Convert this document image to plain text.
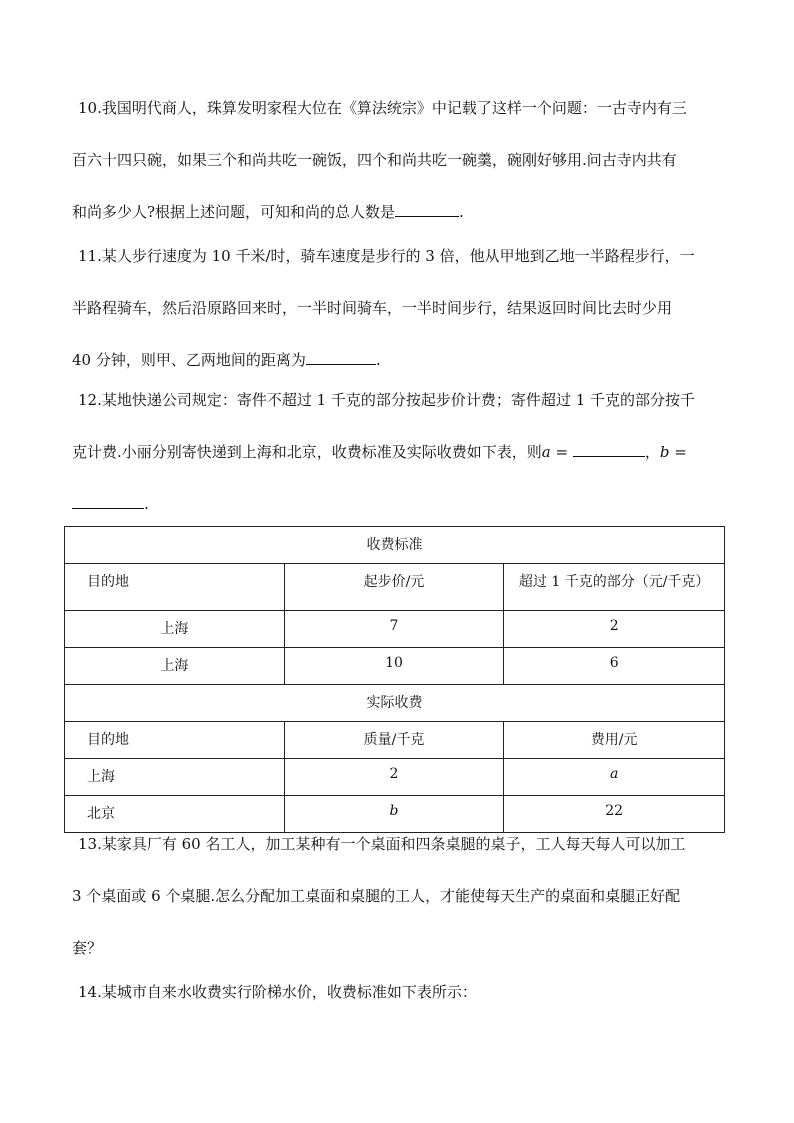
10.我国明代商人，珠算发明家程大位在《算法统宗》中记载了这样一个问题：一古寺内有三
百六十四只碗，如果三个和尚共吃一碗饭，四个和尚共吃一碗羹，碗刚好够用.问古寺内共有
和尚多少人?根据上述问题，可知和尚的总人数是	.
11.某人步行速度为 10 千米/时，骑车速度是步行的 3 倍，他从甲地到乙地一半路程步行，一
半路程骑车，然后沿原路回来时，一半时间骑车，一半时间步行，结果返回时间比去时少用
40 分钟，则甲、乙两地间的距离为	.
12.某地快递公司规定：寄件不超过 1 千克的部分按起步价计费；寄件超过 1 千克的部分按千
克计费.小丽分别寄快递到上海和北京，收费标准及实际收费如下表，则a =	，b =
.
收费标准		
目的地	起步价/元	超过 1 千克的部分（元/千克）
上海	7	2
上海	10	6
实际收费		
目的地	质量/千克	费用/元
上海	2	a
北京	b	22
13.某家具厂有 60 名工人，加工某种有一个桌面和四条桌腿的桌子，工人每天每人可以加工
3 个桌面或 6 个桌腿.怎么分配加工桌面和桌腿的工人，才能使每天生产的桌面和桌腿正好配
套？
14.某城市自来水收费实行阶梯水价，收费标准如下表所示：
